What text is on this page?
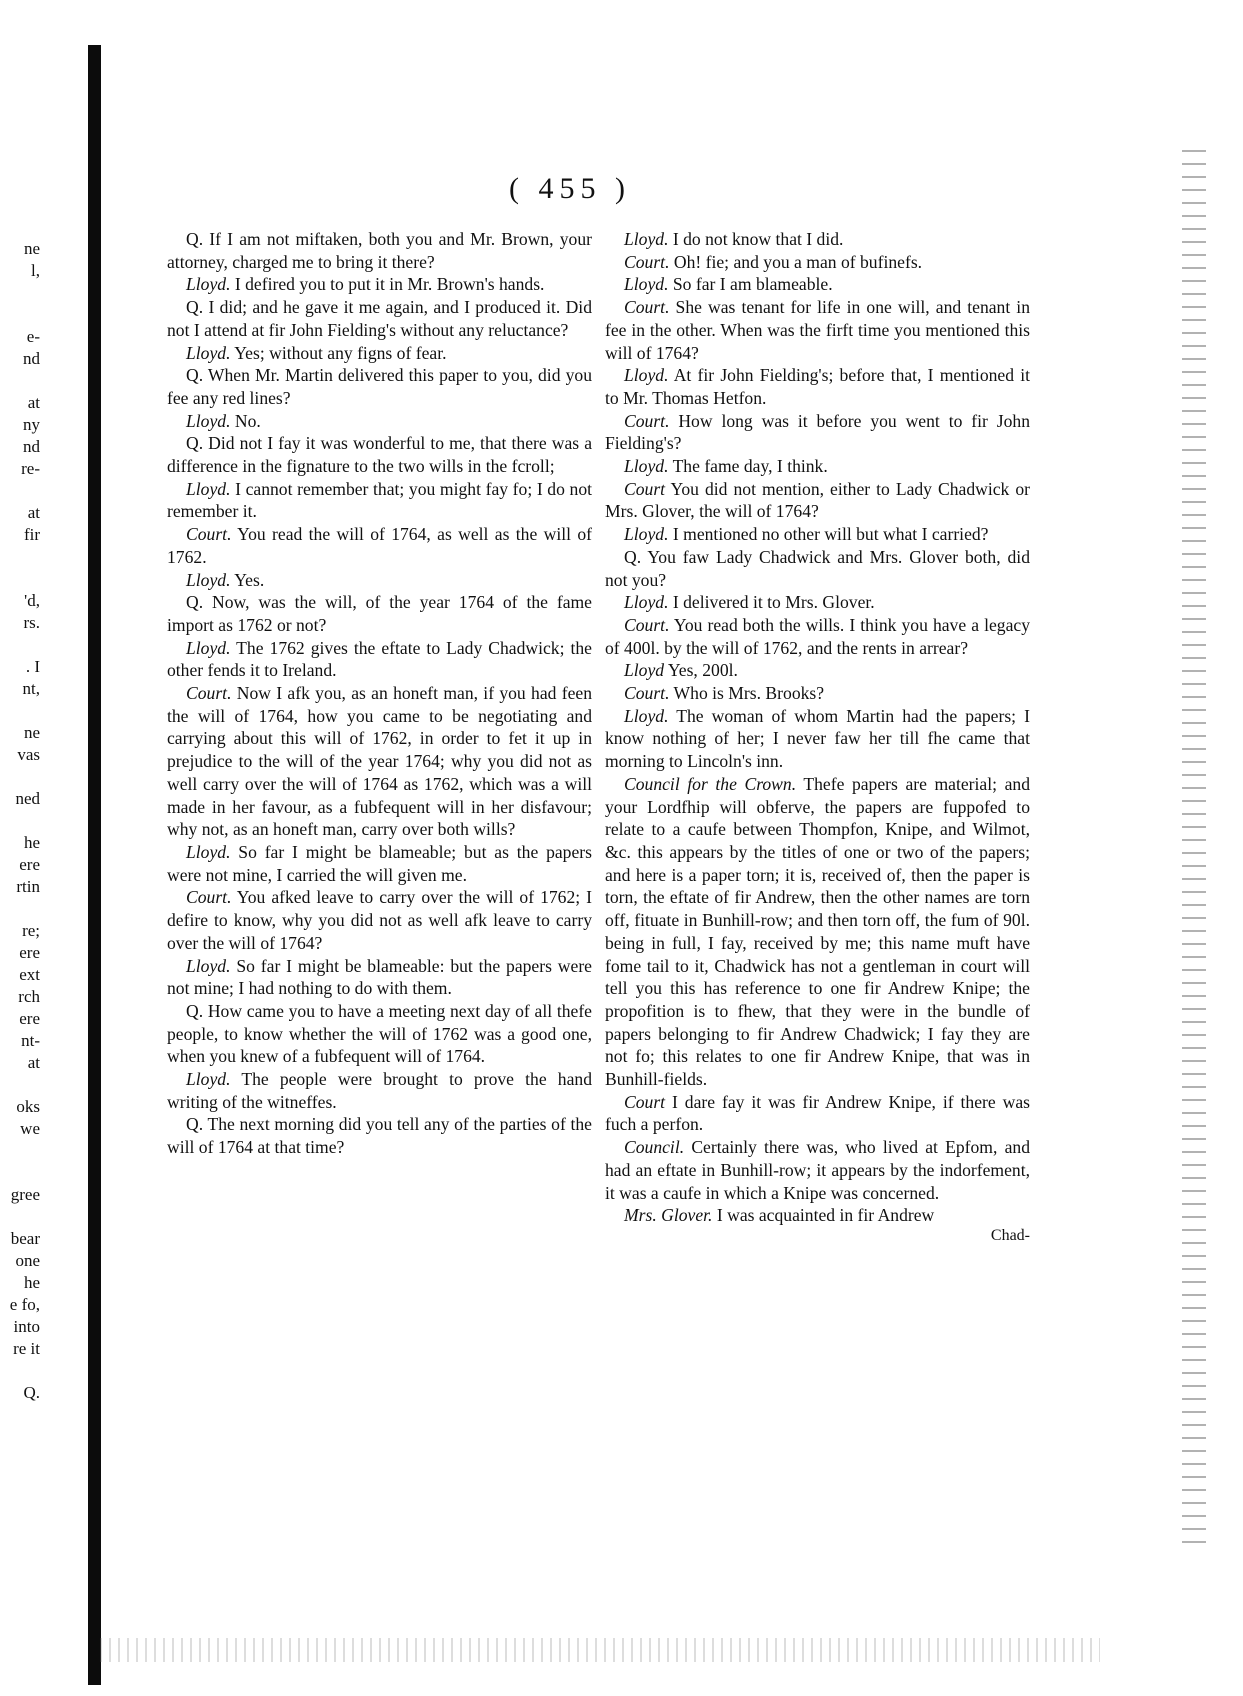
ne
l,
e-
nd
at
ny
nd
re-
at
fir
'd,
rs.
. I
nt,
ne
vas
ned
he
ere
rtin
re;
ere
ext
rch
ere
nt-
at
oks
we
gree
bear
one
he
e fo,
into
re it
Q.
( 455 )

Q. If I am not miftaken, both you and Mr. Brown, your attorney, charged me to bring it there?

Lloyd. I defired you to put it in Mr. Brown's hands.

Q. I did; and he gave it me again, and I produced it. Did not I attend at fir John Fielding's without any reluctance?

Lloyd. Yes; without any figns of fear.

Q. When Mr. Martin delivered this paper to you, did you fee any red lines?

Lloyd. No.

Q. Did not I fay it was wonderful to me, that there was a difference in the fignature to the two wills in the fcroll;

Lloyd. I cannot remember that; you might fay fo; I do not remember it.

Court. You read the will of 1764, as well as the will of 1762.

Lloyd. Yes.

Q. Now, was the will, of the year 1764 of the fame import as 1762 or not?

Lloyd. The 1762 gives the eftate to Lady Chadwick; the other fends it to Ireland.

Court. Now I afk you, as an honeft man, if you had feen the will of 1764, how you came to be negotiating and carrying about this will of 1762, in order to fet it up in prejudice to the will of the year 1764; why you did not as well carry over the will of 1764 as 1762, which was a will made in her favour, as a fubfequent will in her disfavour; why not, as an honeft man, carry over both wills?

Lloyd. So far I might be blameable; but as the papers were not mine, I carried the will given me.

Court. You afked leave to carry over the will of 1762; I defire to know, why you did not as well afk leave to carry over the will of 1764?

Lloyd. So far I might be blameable: but the papers were not mine; I had nothing to do with them.

Q. How came you to have a meeting next day of all thefe people, to know whether the will of 1762 was a good one, when you knew of a fubfequent will of 1764.

Lloyd. The people were brought to prove the hand writing of the witneffes.

Q. The next morning did you tell any of the parties of the will of 1764 at that time?

Lloyd. I do not know that I did.

Court. Oh! fie; and you a man of bufinefs.

Lloyd. So far I am blameable.

Court. She was tenant for life in one will, and tenant in fee in the other. When was the firft time you mentioned this will of 1764?

Lloyd. At fir John Fielding's; before that, I mentioned it to Mr. Thomas Hetfon.

Court. How long was it before you went to fir John Fielding's?

Lloyd. The fame day, I think.

Court You did not mention, either to Lady Chadwick or Mrs. Glover, the will of 1764?

Lloyd. I mentioned no other will but what I carried?

Q. You faw Lady Chadwick and Mrs. Glover both, did not you?

Lloyd. I delivered it to Mrs. Glover.

Court. You read both the wills. I think you have a legacy of 400l. by the will of 1762, and the rents in arrear?

Lloyd Yes, 200l.

Court. Who is Mrs. Brooks?

Lloyd. The woman of whom Martin had the papers; I know nothing of her; I never faw her till fhe came that morning to Lincoln's inn.

Council for the Crown. Thefe papers are material; and your Lordfhip will obferve, the papers are fuppofed to relate to a caufe between Thompfon, Knipe, and Wilmot, &c. this appears by the titles of one or two of the papers; and here is a paper torn; it is, received of, then the paper is torn, the eftate of fir Andrew, then the other names are torn off, fituate in Bunhill-row; and then torn off, the fum of 90l. being in full, I fay, received by me; this name muft have fome tail to it, Chadwick has not a gentleman in court will tell you this has reference to one fir Andrew Knipe; the propofition is to fhew, that they were in the bundle of papers belonging to fir Andrew Chadwick; I fay they are not fo; this relates to one fir Andrew Knipe, that was in Bunhill-fields.

Court I dare fay it was fir Andrew Knipe, if there was fuch a perfon.

Council. Certainly there was, who lived at Epfom, and had an eftate in Bunhill-row; it appears by the indorfement, it was a caufe in which a Knipe was concerned.

Mrs. Glover. I was acquainted in fir Andrew

Chad-
